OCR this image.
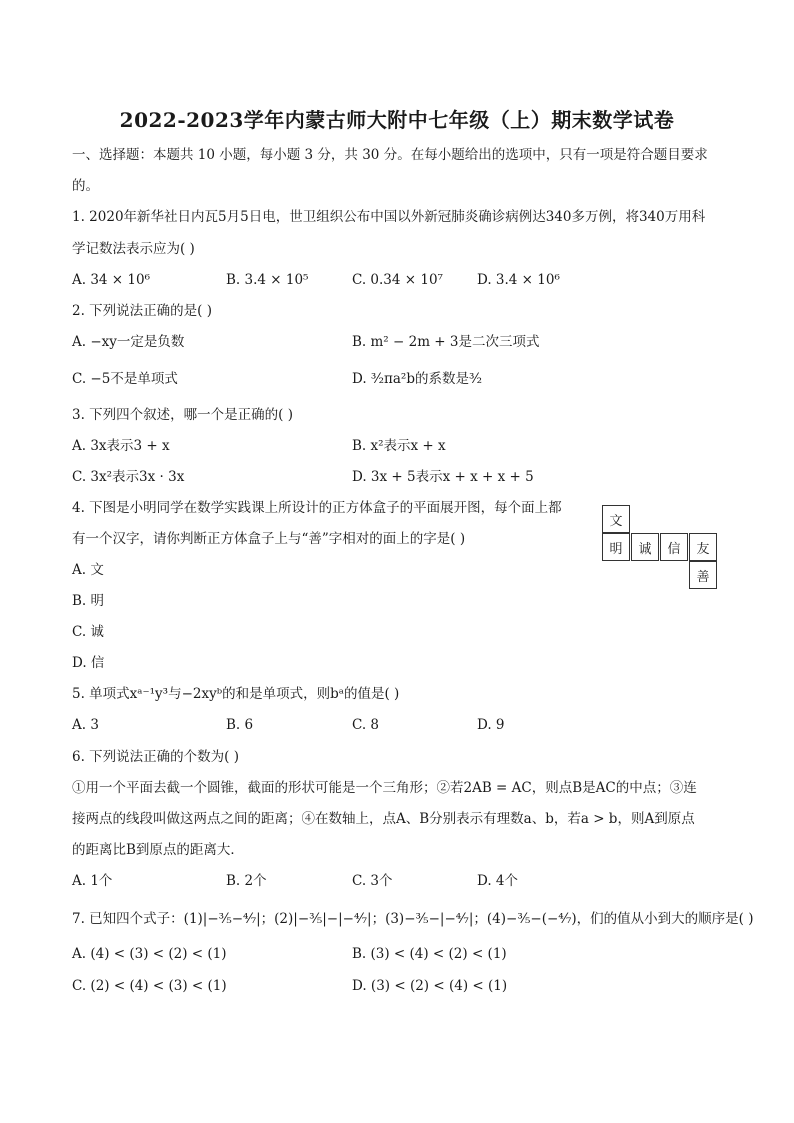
2022-2023学年内蒙古师大附中七年级（上）期末数学试卷
一、选择题：本题共 10 小题，每小题 3 分，共 30 分。在每小题给出的选项中，只有一项是符合题目要求
的。
1. 2020年新华社日内瓦5月5日电，世卫组织公布中国以外新冠肺炎确诊病例达340多万例，将340万用科
学记数法表示应为( )
A. 34 × 10⁶	B. 3.4 × 10⁵	C. 0.34 × 10⁷	D. 3.4 × 10⁶
2. 下列说法正确的是( )
A. −xy一定是负数	B. m² − 2m + 3是二次三项式
C. −5不是单项式	D. ³⁄₂πa²b的系数是³⁄₂
3. 下列四个叙述，哪一个是正确的( )
A. 3x表示3 + x	B. x²表示x + x
C. 3x²表示3x · 3x	D. 3x + 5表示x + x + x + 5
4. 下图是小明同学在数学实践课上所设计的正方体盒子的平面展开图，每个面上都
有一个汉字，请你判断正方体盒子上与“善”字相对的面上的字是( )
A. 文
B. 明
C. 诚
D. 信
文
明	诚	信	友
善
5. 单项式xᵃ⁻¹y³与−2xyᵇ的和是单项式，则bᵃ的值是( )
A. 3	B. 6	C. 8	D. 9
6. 下列说法正确的个数为( )
①用一个平面去截一个圆锥，截面的形状可能是一个三角形；②若2AB = AC，则点B是AC的中点；③连
接两点的线段叫做这两点之间的距离；④在数轴上，点A、B分别表示有理数a、b，若a > b，则A到原点
的距离比B到原点的距离大．
A. 1个	B. 2个	C. 3个	D. 4个
7. 已知四个式子：(1)|−³⁄₅−⁴⁄₇|；(2)|−³⁄₅|−|−⁴⁄₇|；(3)−³⁄₅−|−⁴⁄₇|；(4)−³⁄₅−(−⁴⁄₇)，们的值从小到大的顺序是( )
A. (4) < (3) < (2) < (1)	B. (3) < (4) < (2) < (1)
C. (2) < (4) < (3) < (1)	D. (3) < (2) < (4) < (1)
